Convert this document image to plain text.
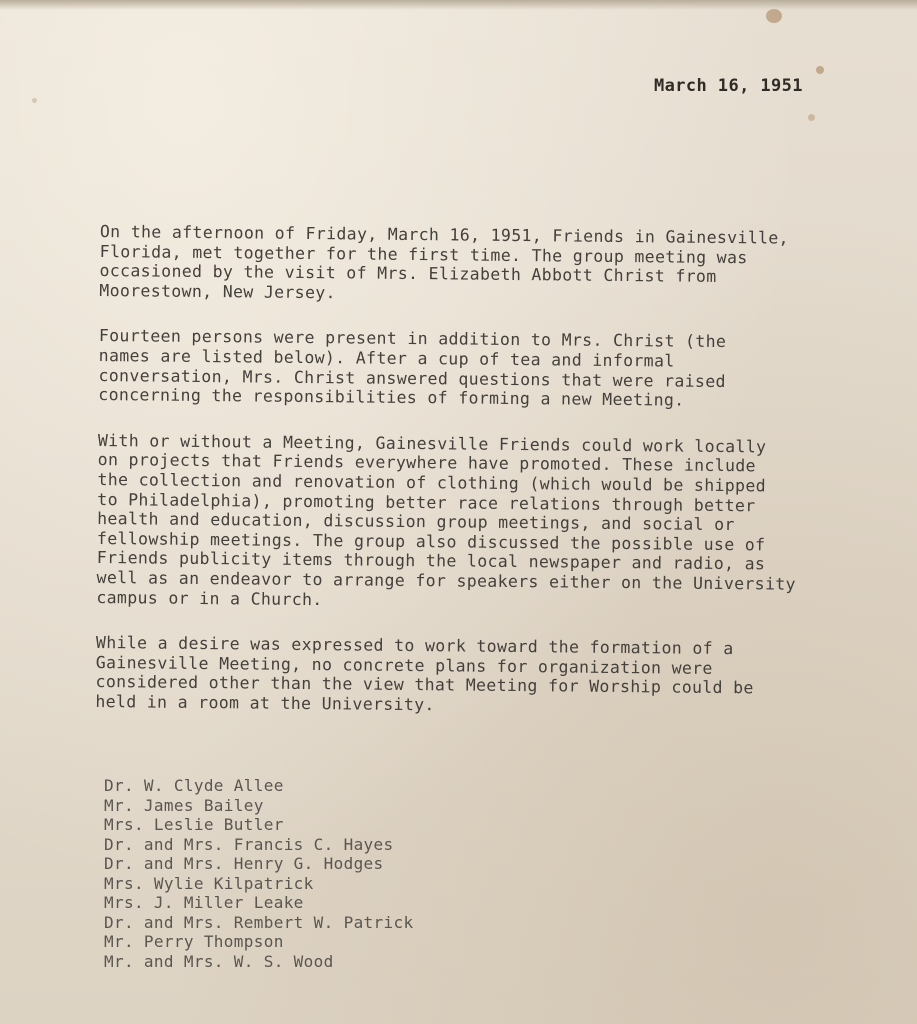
March 16, 1951
On the afternoon of Friday, March 16, 1951, Friends in Gainesville,
Florida, met together for the first time. The group meeting was
occasioned by the visit of Mrs. Elizabeth Abbott Christ from
Moorestown, New Jersey.
Fourteen persons were present in addition to Mrs. Christ (the
names are listed below). After a cup of tea and informal
conversation, Mrs. Christ answered questions that were raised
concerning the responsibilities of forming a new Meeting.
With or without a Meeting, Gainesville Friends could work locally
on projects that Friends everywhere have promoted. These include
the collection and renovation of clothing (which would be shipped
to Philadelphia), promoting better race relations through better
health and education, discussion group meetings, and social or
fellowship meetings. The group also discussed the possible use of
Friends publicity items through the local newspaper and radio, as
well as an endeavor to arrange for speakers either on the University
campus or in a Church.
While a desire was expressed to work toward the formation of a
Gainesville Meeting, no concrete plans for organization were
considered other than the view that Meeting for Worship could be
held in a room at the University.
Dr. W. Clyde Allee
Mr. James Bailey
Mrs. Leslie Butler
Dr. and Mrs. Francis C. Hayes
Dr. and Mrs. Henry G. Hodges
Mrs. Wylie Kilpatrick
Mrs. J. Miller Leake
Dr. and Mrs. Rembert W. Patrick
Mr. Perry Thompson
Mr. and Mrs. W. S. Wood
